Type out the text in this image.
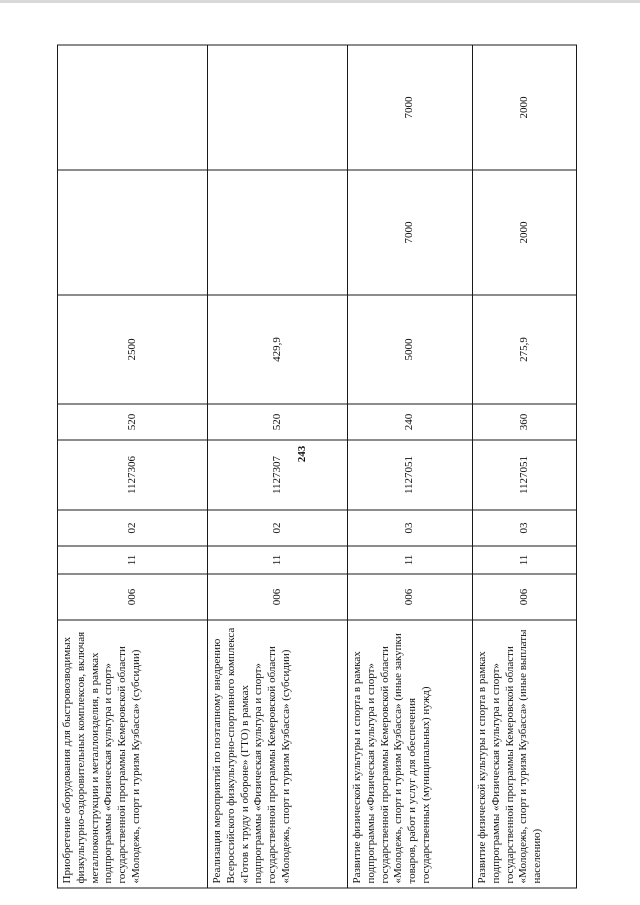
243
Приобретение оборудования для быстровозводимых физкультурно-оздоровительных комплексов, включая металлоконструкции и металлоизделия, в рамках подпрограммы «Физическая культура и спорт» государственной программы Кемеровской области «Молодежь, спорт и туризм Кузбасса» (субсидии)	006	11	02	1127306	520	2500		
Реализация мероприятий по поэтапному внедрению Всероссийского физкультурно-спортивного комплекса «Готов к труду и обороне» (ГТО) в рамках подпрограммы «Физическая культура и спорт» государственной программы Кемеровской области «Молодежь, спорт и туризм Кузбасса» (субсидии)	006	11	02	1127307	520	429,9		
Развитие физической культуры и спорта в рамках подпрограммы «Физическая культура и спорт» государственной программы Кемеровской области «Молодежь, спорт и туризм Кузбасса» (иные закупки товаров, работ и услуг для обеспечения государственных (муниципальных) нужд)	006	11	03	1127051	240	5000	7000	7000
Развитие физической культуры и спорта в рамках подпрограммы «Физическая культура и спорт» государственной программы Кемеровской области «Молодежь, спорт и туризм Кузбасса» (иные выплаты населению)	006	11	03	1127051	360	275,9	2000	2000
